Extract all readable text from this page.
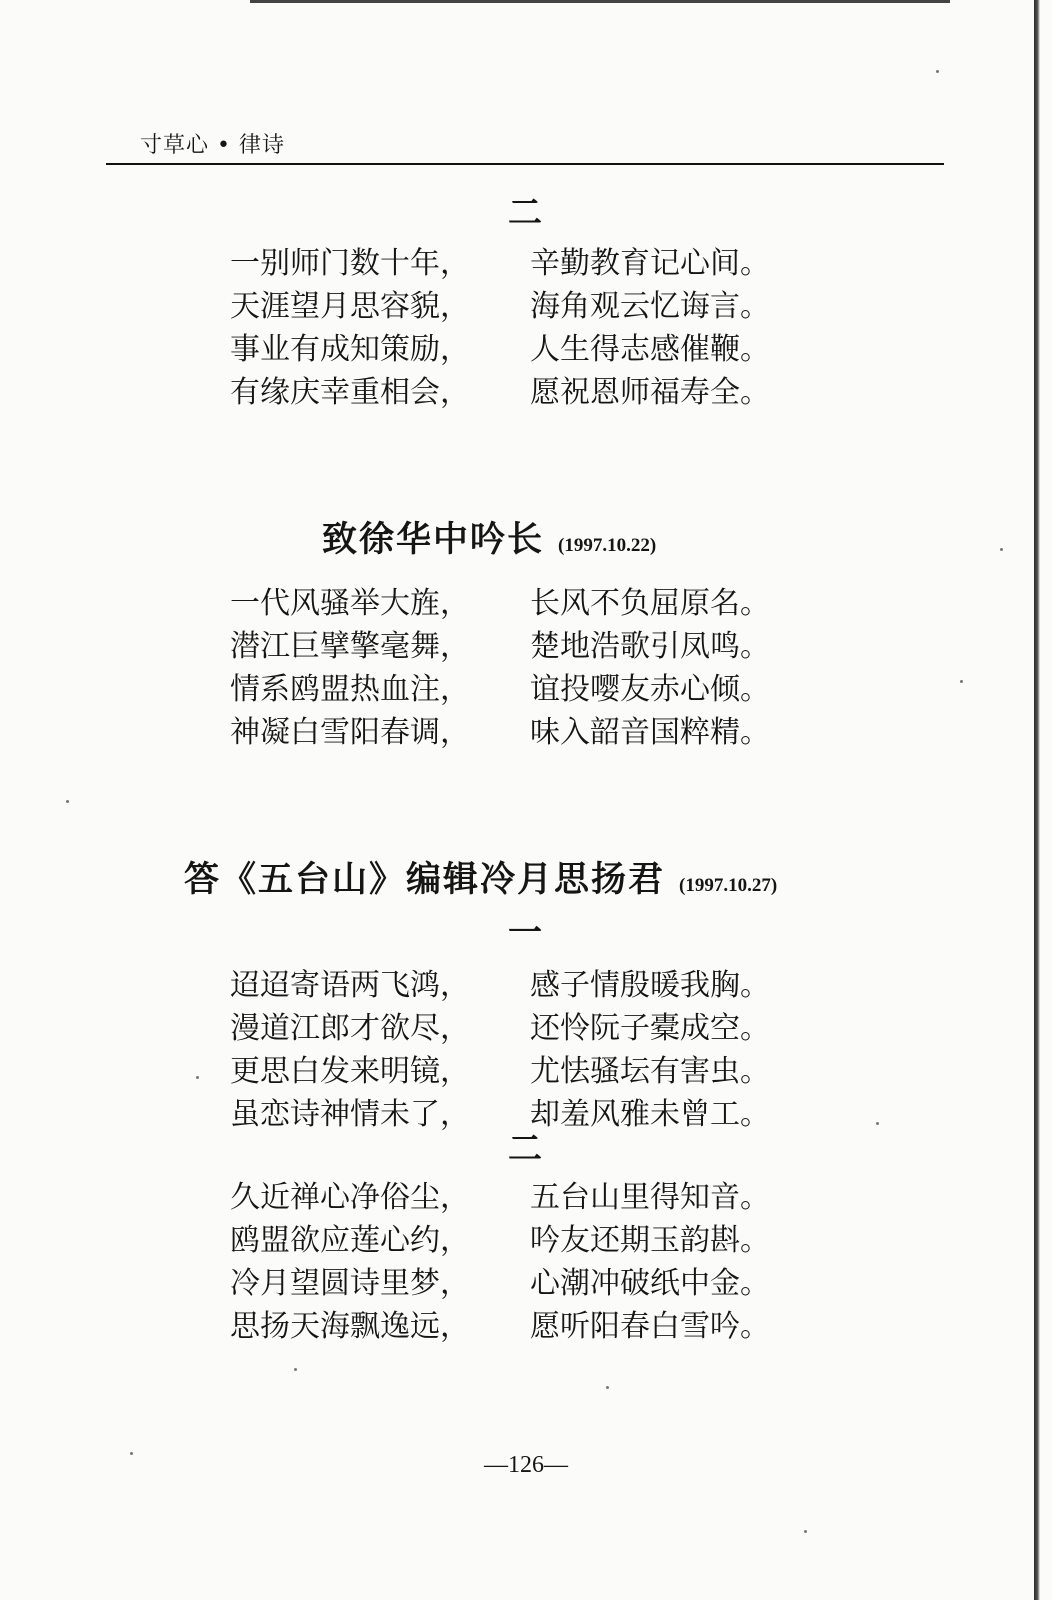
寸草心 • 律诗
二
一别师门数十年， 辛勤教育记心间。
天涯望月思容貌， 海角观云忆诲言。
事业有成知策励， 人生得志感催鞭。
有缘庆幸重相会， 愿祝恩师福寿全。
致徐华中吟长 (1997.10.22)
一代风骚举大旌， 长风不负屈原名。
潜江巨擘擎毫舞， 楚地浩歌引凤鸣。
情系鸥盟热血注， 谊投嘤友赤心倾。
神凝白雪阳春调， 味入韶音国粹精。
答《五台山》编辑冷月思扬君 (1997.10.27)
一
迢迢寄语两飞鸿， 感子情殷暖我胸。
漫道江郎才欲尽， 还怜阮子橐成空。
更思白发来明镜， 尤怯骚坛有害虫。
虽恋诗神情未了， 却羞风雅未曾工。
二
久近禅心净俗尘， 五台山里得知音。
鸥盟欲应莲心约， 吟友还期玉韵斟。
冷月望圆诗里梦， 心潮冲破纸中金。
思扬天海飘逸远， 愿听阳春白雪吟。
—126—
